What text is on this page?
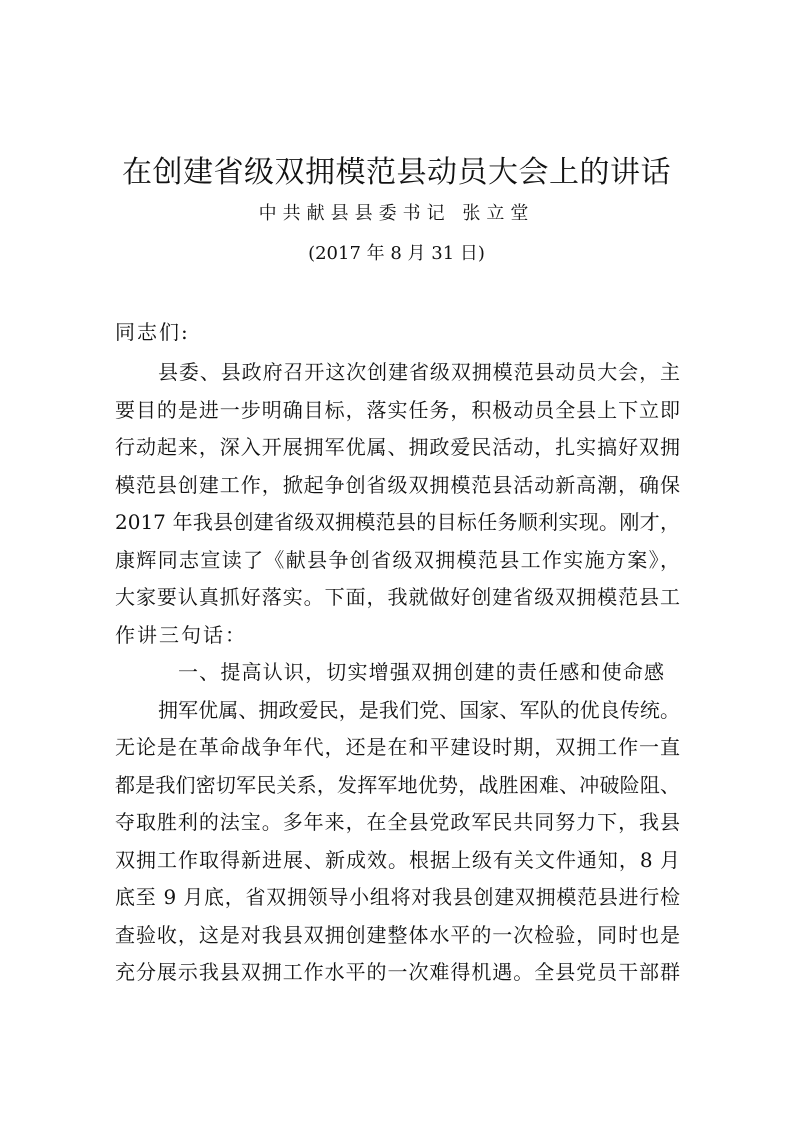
在创建省级双拥模范县动员大会上的讲话
中共献县县委书记 张立堂
(2017 年 8 月 31 日)
同志们:
县委、县政府召开这次创建省级双拥模范县动员大会，主
要目的是进一步明确目标，落实任务，积极动员全县上下立即
行动起来，深入开展拥军优属、拥政爱民活动，扎实搞好双拥
模范县创建工作，掀起争创省级双拥模范县活动新高潮，确保
2017 年我县创建省级双拥模范县的目标任务顺利实现。刚才，
康辉同志宣读了《献县争创省级双拥模范县工作实施方案》，
大家要认真抓好落实。下面，我就做好创建省级双拥模范县工
作讲三句话：
一、提高认识，切实增强双拥创建的责任感和使命感
拥军优属、拥政爱民，是我们党、国家、军队的优良传统。
无论是在革命战争年代，还是在和平建设时期，双拥工作一直
都是我们密切军民关系，发挥军地优势，战胜困难、冲破险阻、
夺取胜利的法宝。多年来，在全县党政军民共同努力下，我县
双拥工作取得新进展、新成效。根据上级有关文件通知，8 月
底至 9 月底，省双拥领导小组将对我县创建双拥模范县进行检
查验收，这是对我县双拥创建整体水平的一次检验，同时也是
充分展示我县双拥工作水平的一次难得机遇。全县党员干部群
